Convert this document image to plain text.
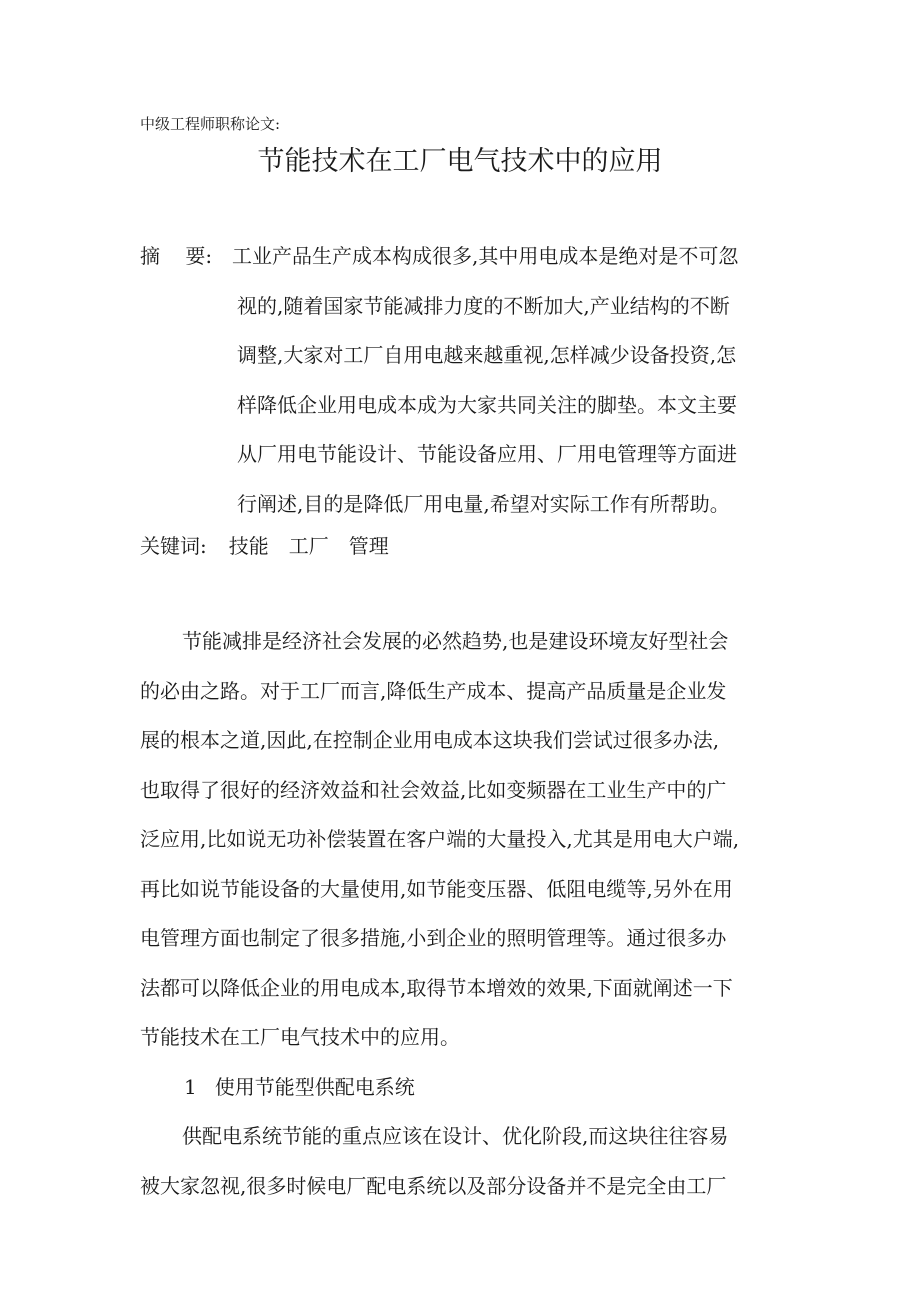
中级工程师职称论文:
节能技术在工厂电气技术中的应用
摘    要: 工业产品生产成本构成很多,其中用电成本是绝对是不可忽
视的,随着国家节能减排力度的不断加大,产业结构的不断
调整,大家对工厂自用电越来越重视,怎样减少设备投资,怎
样降低企业用电成本成为大家共同关注的脚垫。本文主要
从厂用电节能设计、节能设备应用、厂用电管理等方面进
行阐述,目的是降低厂用电量,希望对实际工作有所帮助。
关键词: 技能 工厂 管理
节能减排是经济社会发展的必然趋势,也是建设环境友好型社会
的必由之路。对于工厂而言,降低生产成本、提高产品质量是企业发
展的根本之道,因此,在控制企业用电成本这块我们尝试过很多办法,
也取得了很好的经济效益和社会效益,比如变频器在工业生产中的广
泛应用,比如说无功补偿装置在客户端的大量投入,尤其是用电大户端,
再比如说节能设备的大量使用,如节能变压器、低阻电缆等,另外在用
电管理方面也制定了很多措施,小到企业的照明管理等。通过很多办
法都可以降低企业的用电成本,取得节本增效的效果,下面就阐述一下
节能技术在工厂电气技术中的应用。
1 使用节能型供配电系统
供配电系统节能的重点应该在设计、优化阶段,而这块往往容易
被大家忽视,很多时候电厂配电系统以及部分设备并不是完全由工厂
